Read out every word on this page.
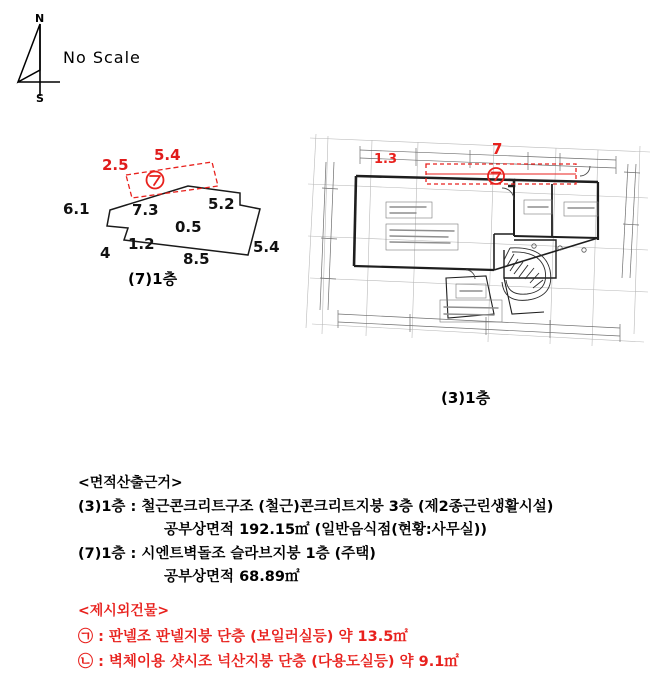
N
S
No Scale
2.5
5.4
6.1	7.3	5.2
0.5
1.2
8.5
5.4
4
(7)1층
1.3
7
(3)1층
<면적산출근거>
(3)1층 : 철근콘크리트구조 (철근)콘크리트지붕 3층 (제2종근린생활시설)
공부상면적 192.15㎡ (일반음식점(현황:사무실))
(7)1층 : 시엔트벽돌조 슬라브지붕 1층 (주택)
공부상면적 68.89㎡
<제시외건물>
㉠ : 판넬조 판넬지붕 단층 (보일러실등) 약 13.5㎡
㉡ : 벽체이용 샷시조 넉산지붕 단층 (다용도실등) 약 9.1㎡
